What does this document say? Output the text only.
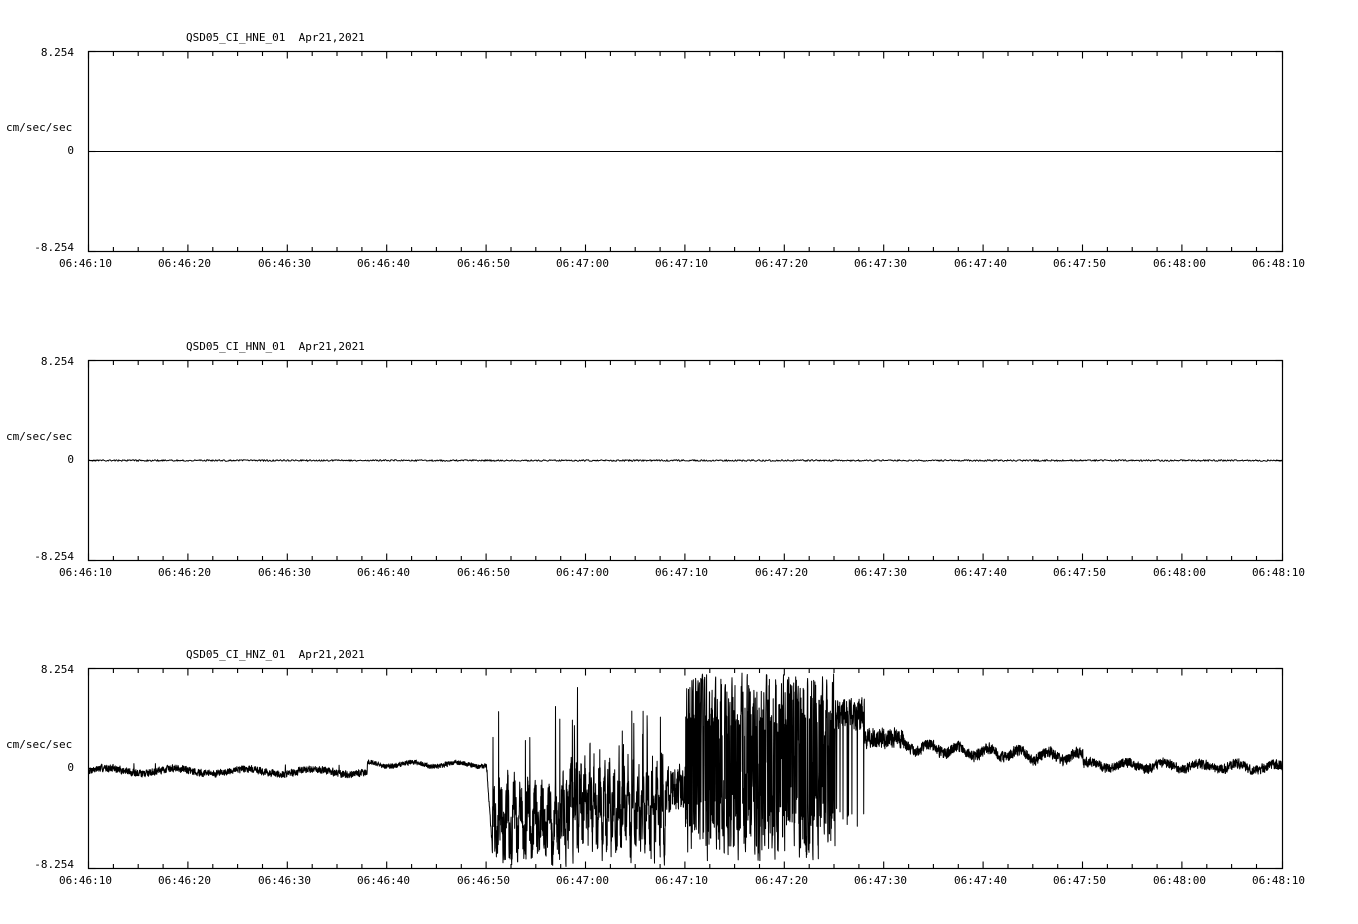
QSD05_CI_HNE_01  Apr21,2021
cm/sec/sec
8.254
0
-8.254
06:46:10	06:46:20	06:46:30	06:46:40	06:46:50	06:47:00	06:47:10	06:47:20	06:47:30	06:47:40	06:47:50	06:48:00	06:48:10
QSD05_CI_HNN_01  Apr21,2021
cm/sec/sec
8.254
0
-8.254
06:46:10	06:46:20	06:46:30	06:46:40	06:46:50	06:47:00	06:47:10	06:47:20	06:47:30	06:47:40	06:47:50	06:48:00	06:48:10
QSD05_CI_HNZ_01  Apr21,2021
cm/sec/sec
8.254
0
-8.254
06:46:10	06:46:20	06:46:30	06:46:40	06:46:50	06:47:00	06:47:10	06:47:20	06:47:30	06:47:40	06:47:50	06:48:00	06:48:10
